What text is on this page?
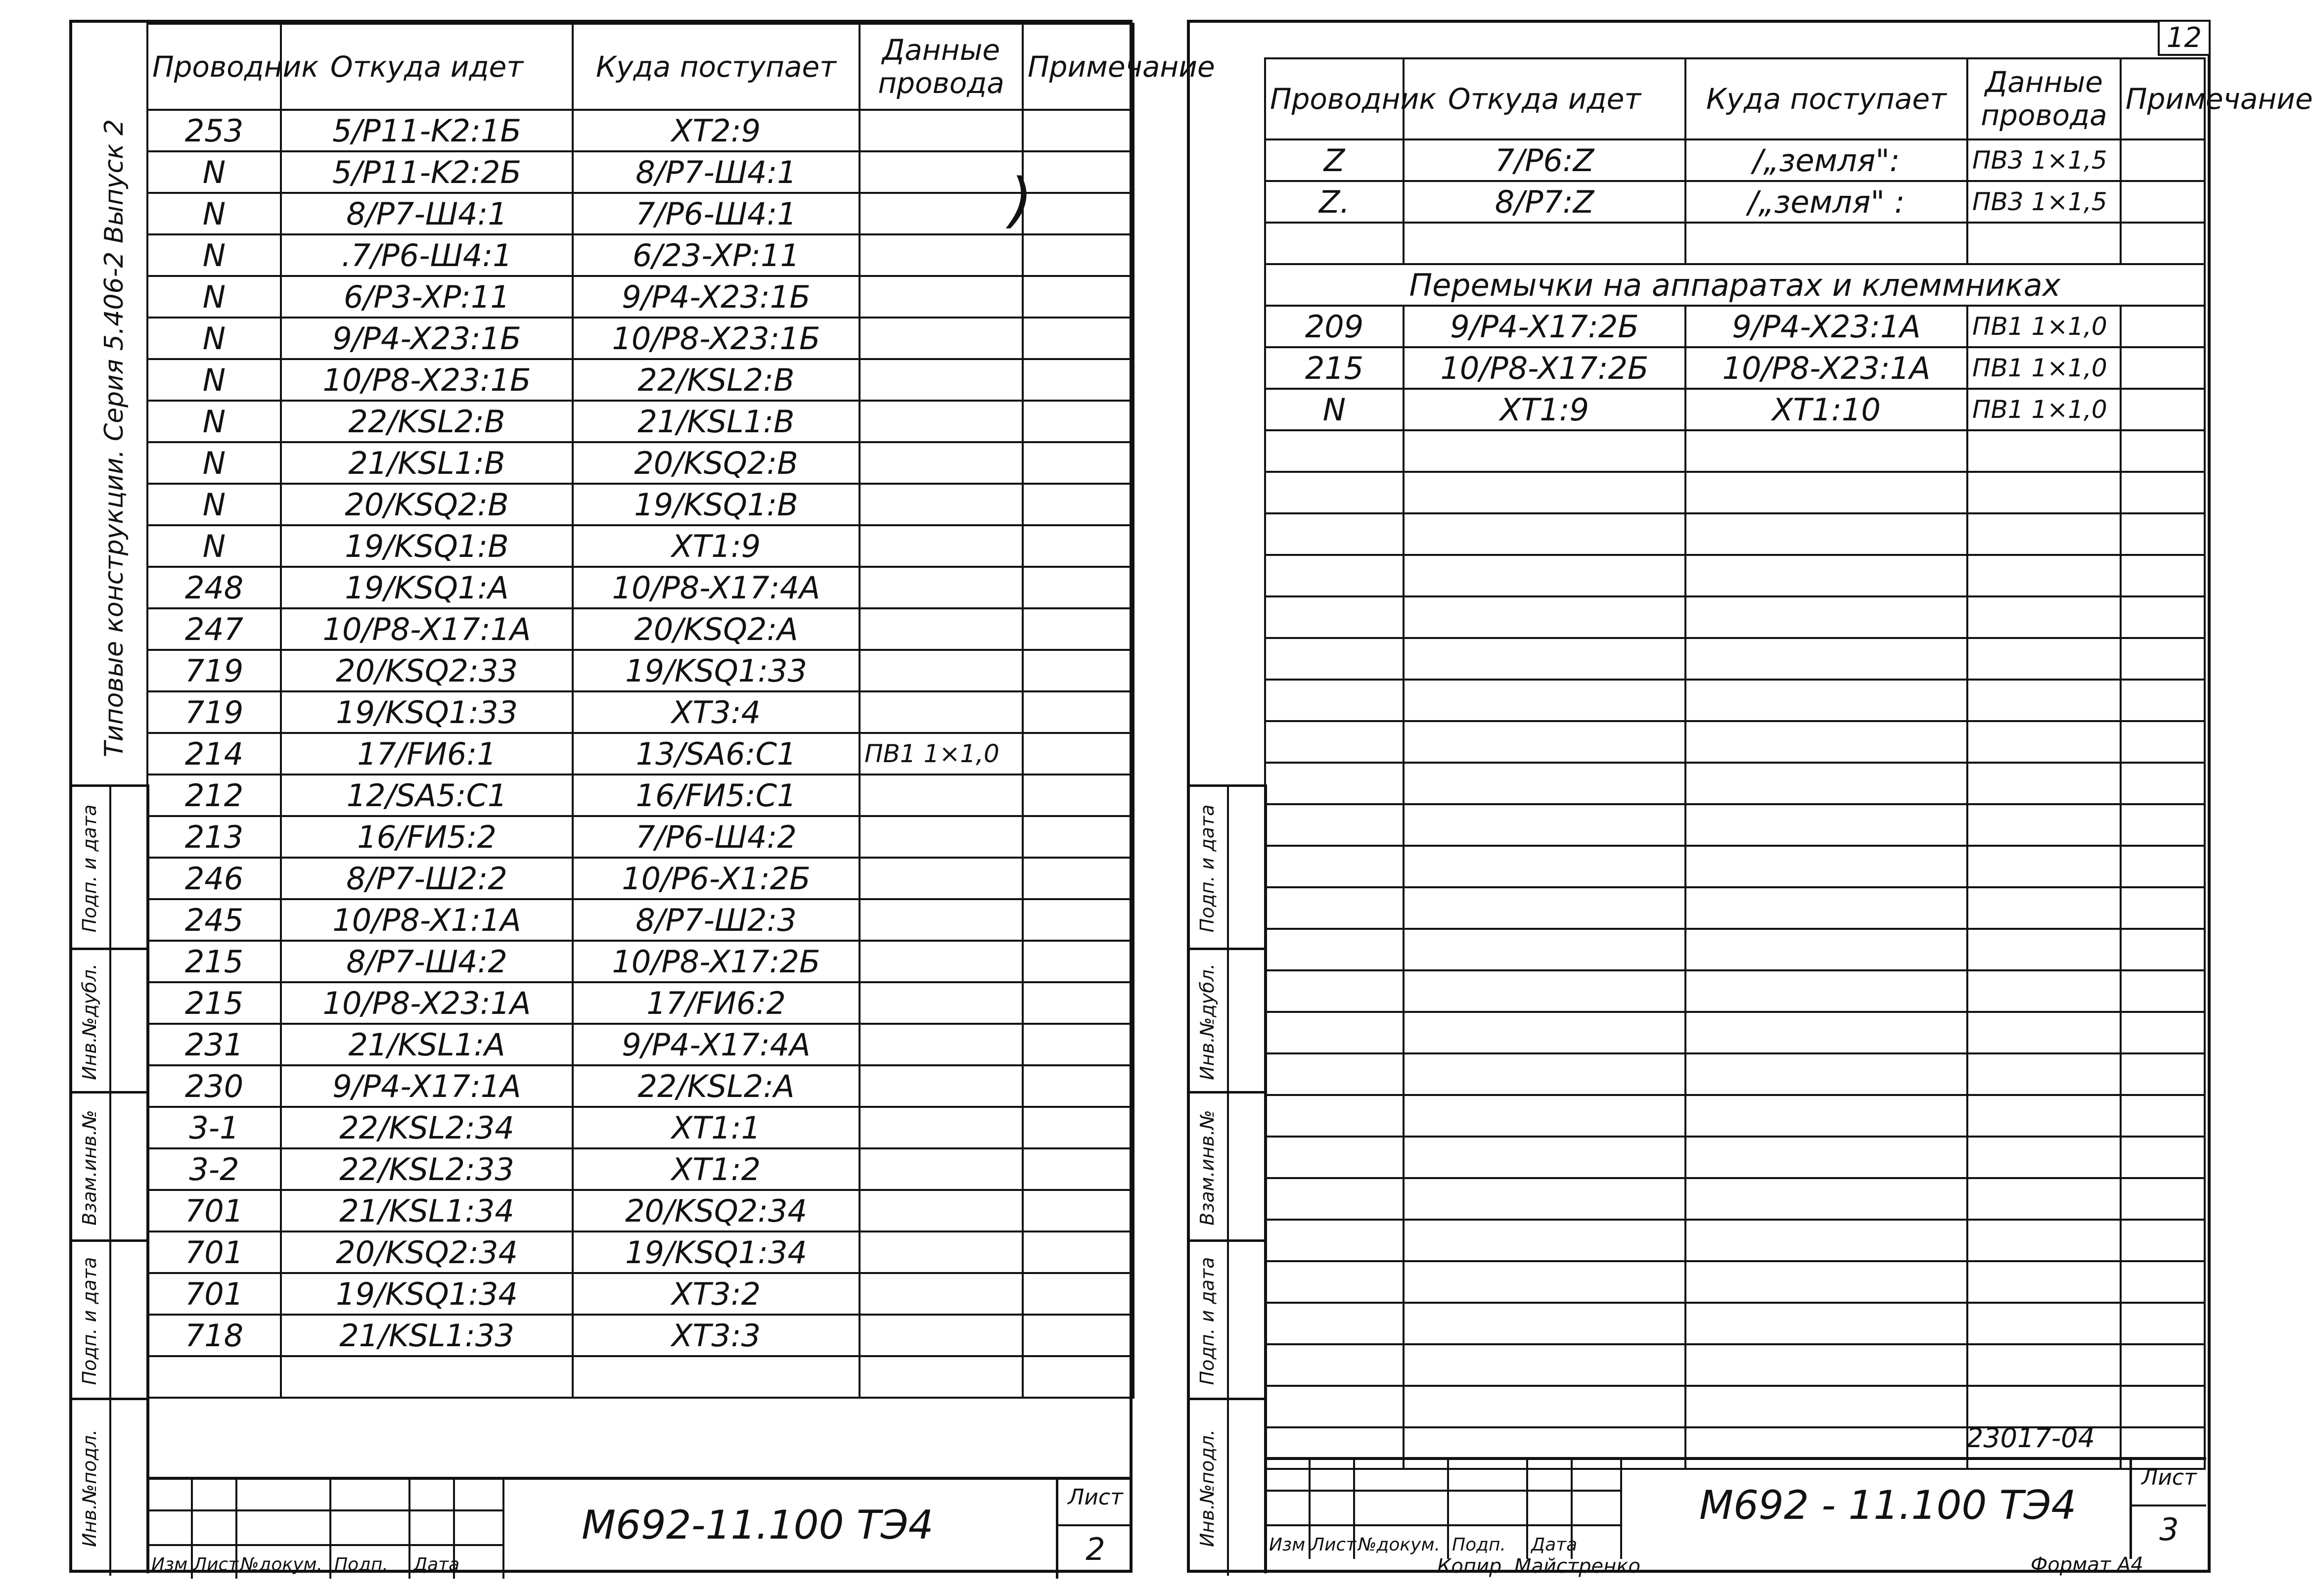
Типовые конструкции. Серия 5.406-2 Выпуск 2
Инв.№подл.
Подп. и дата
Взам.инв.№
Инв.№дубл.
Подп. и дата
Проводник	Откуда идет	Куда поступает	Данные провода	Примечание
253	5/P11-K2:1Б	XT2:9		
N	5/P11-K2:2Б	8/P7-Ш4:1		
N	8/P7-Ш4:1	7/P6-Ш4:1		
N	.7/P6-Ш4:1	6/23-XP:11		
N	6/P3-XP:11	9/P4-X23:1Б		
N	9/P4-X23:1Б	10/P8-X23:1Б		
N	10/P8-X23:1Б	22/KSL2:B		
N	22/KSL2:B	21/KSL1:B		
N	21/KSL1:B	20/KSQ2:B		
N	20/KSQ2:B	19/KSQ1:B		
N	19/KSQ1:B	XT1:9		
248	19/KSQ1:A	10/P8-X17:4A		
247	10/P8-X17:1A	20/KSQ2:A		
719	20/KSQ2:33	19/KSQ1:33		
719	19/KSQ1:33	XT3:4		
214	17/FИ6:1	13/SA6:C1	ПВ1 1×1,0	
212	12/SA5:C1	16/FИ5:C1		
213	16/FИ5:2	7/P6-Ш4:2		
246	8/P7-Ш2:2	10/P6-X1:2Б		
245	10/P8-X1:1A	8/P7-Ш2:3		
215	8/P7-Ш4:2	10/P8-X17:2Б		
215	10/P8-X23:1A	17/FИ6:2		
231	21/KSL1:A	9/P4-X17:4A		
230	9/P4-X17:1A	22/KSL2:A		
3-1	22/KSL2:34	XT1:1		
3-2	22/KSL2:33	XT1:2		
701	21/KSL1:34	20/KSQ2:34		
701	20/KSQ2:34	19/KSQ1:34		
701	19/KSQ1:34	XT3:2		
718	21/KSL1:33	XT3:3		

)
Изм Лист №докум. Подп. Дата
M692-11.100 TЭ4
Лист
2
Инв.№подл.
Подп. и дата
Взам.инв.№
Инв.№дубл.
Подп. и дата
12
Проводник	Откуда идет	Куда поступает	Данные провода	Примечание
Z	7/P6:Z	/„земля":	ПВ3 1×1,5	
Z.	8/P7:Z	/„земля" :	ПВ3 1×1,5	

Перемычки на аппаратах и клеммниках				
209	9/P4-X17:2Б	9/P4-X23:1A	ПВ1 1×1,0	
215	10/P8-X17:2Б	10/P8-X23:1A	ПВ1 1×1,0	
N	XT1:9	XT1:10	ПВ1 1×1,0	

23017-04
Изм Лист №докум. Подп. Дата
M692 - 11.100 TЭ4
Лист
3
Копир. Майстренко	Формат A4
